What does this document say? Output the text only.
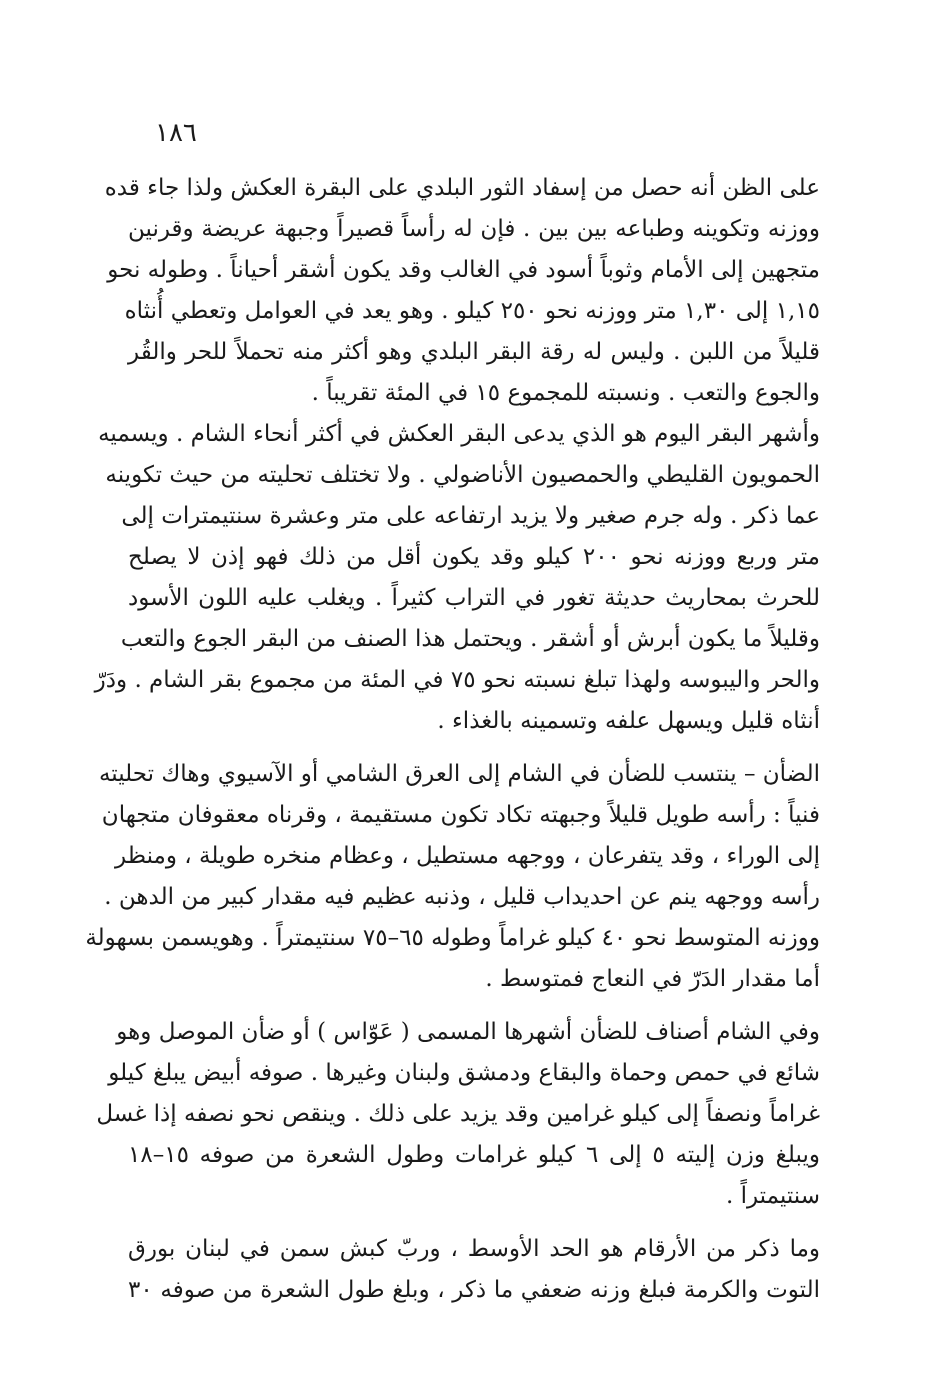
١٨٦
على الظن أنه حصل من إسفاد الثور البلدي على البقرة العكش ولذا جاء قده
ووزنه وتكوينه وطباعه بين بين . فإن له رأساً قصيراً وجبهة عريضة وقرنين
متجهين إلى الأمام وثوباً أسود في الغالب وقد يكون أشقر أحياناً . وطوله نحو
١,١٥ إلى ١,٣٠ متر ووزنه نحو ٢٥٠ كيلو . وهو يعد في العوامل وتعطي أُنثاه
قليلاً من اللبن . وليس له رقة البقر البلدي وهو أكثر منه تحملاً للحر والقُر
والجوع والتعب . ونسبته للمجموع ١٥ في المئة تقريباً .
وأشهر البقر اليوم هو الذي يدعى البقر العكش في أكثر أنحاء الشام . ويسميه
الحمويون القليطي والحمصيون الأناضولي . ولا تختلف تحليته من حيث تكوينه
عما ذكر . وله جرم صغير ولا يزيد ارتفاعه على متر وعشرة سنتيمترات إلى
متر وربع ووزنه نحو ٢٠٠ كيلو وقد يكون أقل من ذلك فهو إذن لا يصلح
للحرث بمحاريث حديثة تغور في التراب كثيراً . ويغلب عليه اللون الأسود
وقليلاً ما يكون أبرش أو أشقر . ويحتمل هذا الصنف من البقر الجوع والتعب
والحر واليبوسه ولهذا تبلغ نسبته نحو ٧٥ في المئة من مجموع بقر الشام . ودَرّ
أنثاه قليل ويسهل علفه وتسمينه بالغذاء .
الضأن – ينتسب للضأن في الشام إلى العرق الشامي أو الآسيوي وهاك تحليته
فنياً : رأسه طويل قليلاً وجبهته تكاد تكون مستقيمة ، وقرناه معقوفان متجهان
إلى الوراء ، وقد يتفرعان ، ووجهه مستطيل ، وعظام منخره طويلة ، ومنظر
رأسه ووجهه ينم عن احديداب قليل ، وذنبه عظيم فيه مقدار كبير من الدهن .
ووزنه المتوسط نحو ٤٠ كيلو غراماً وطوله ٦٥–٧٥ سنتيمتراً . وهويسمن بسهولة
أما مقدار الدَرّ في النعاج فمتوسط .
وفي الشام أصناف للضأن أشهرها المسمى ( عَوّاس ) أو ضأن الموصل وهو
شائع في حمص وحماة والبقاع ودمشق ولبنان وغيرها . صوفه أبيض يبلغ كيلو
غراماً ونصفاً إلى كيلو غرامين وقد يزيد على ذلك . وينقص نحو نصفه إذا غسل
ويبلغ وزن إليته ٥ إلى ٦ كيلو غرامات وطول الشعرة من صوفه ١٥–١٨
سنتيمتراً .
وما ذكر من الأرقام هو الحد الأوسط ، وربّ كبش سمن في لبنان بورق
التوت والكرمة فبلغ وزنه ضعفي ما ذكر ، وبلغ طول الشعرة من صوفه ٣٠
